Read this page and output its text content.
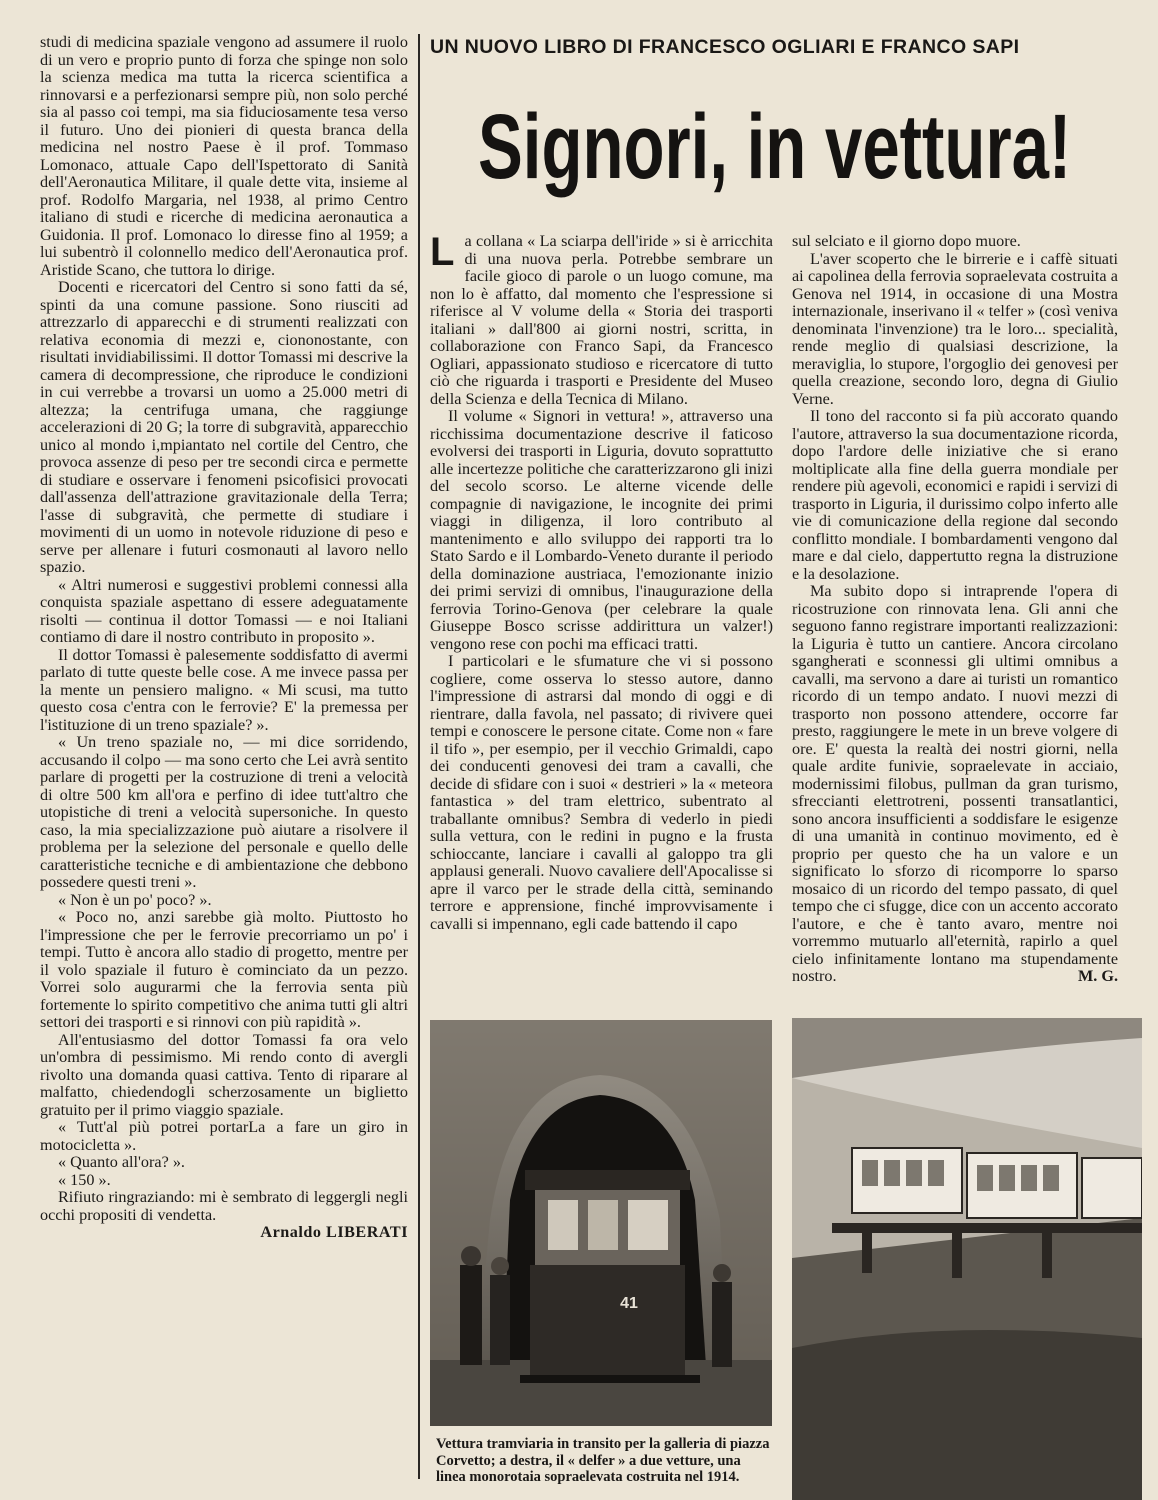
studi di medicina spaziale vengono ad assumere il ruolo di un vero e proprio punto di forza che spinge non solo la scienza medica ma tutta la ricerca scientifica a rinnovarsi e a perfezionarsi sempre più, non solo perché sia al passo coi tempi, ma sia fiduciosamente tesa verso il futuro. Uno dei pionieri di questa branca della medicina nel nostro Paese è il prof. Tommaso Lomonaco, attuale Capo dell'Ispettorato di Sanità dell'Aeronautica Militare, il quale dette vita, insieme al prof. Rodolfo Margaria, nel 1938, al primo Centro italiano di studi e ricerche di medicina aeronautica a Guidonia. Il prof. Lomonaco lo diresse fino al 1959; a lui subentrò il colonnello medico dell'Aeronautica prof. Aristide Scano, che tuttora lo dirige.

Docenti e ricercatori del Centro si sono fatti da sé, spinti da una comune passione. Sono riusciti ad attrezzarlo di apparecchi e di strumenti realizzati con relativa economia di mezzi e, ciononostante, con risultati invidiabilissimi. Il dottor Tomassi mi descrive la camera di decompressione, che riproduce le condizioni in cui verrebbe a trovarsi un uomo a 25.000 metri di altezza; la centrifuga umana, che raggiunge accelerazioni di 20 G; la torre di subgravità, apparecchio unico al mondo i,mpiantato nel cortile del Centro, che provoca assenze di peso per tre secondi circa e permette di studiare e osservare i fenomeni psicofisici provocati dall'assenza dell'attrazione gravitazionale della Terra; l'asse di subgravità, che permette di studiare i movimenti di un uomo in notevole riduzione di peso e serve per allenare i futuri cosmonauti al lavoro nello spazio.

« Altri numerosi e suggestivi problemi connessi alla conquista spaziale aspettano di essere adeguatamente risolti — continua il dottor Tomassi — e noi Italiani contiamo di dare il nostro contributo in proposito ».

Il dottor Tomassi è palesemente soddisfatto di avermi parlato di tutte queste belle cose. A me invece passa per la mente un pensiero maligno. « Mi scusi, ma tutto questo cosa c'entra con le ferrovie? E' la premessa per l'istituzione di un treno spaziale? ».

« Un treno spaziale no, — mi dice sorridendo, accusando il colpo — ma sono certo che Lei avrà sentito parlare di progetti per la costruzione di treni a velocità di oltre 500 km all'ora e perfino di idee tutt'altro che utopistiche di treni a velocità supersoniche. In questo caso, la mia specializzazione può aiutare a risolvere il problema per la selezione del personale e quello delle caratteristiche tecniche e di ambientazione che debbono possedere questi treni ».

« Non è un po' poco? ».

« Poco no, anzi sarebbe già molto. Piuttosto ho l'impressione che per le ferrovie precorriamo un po' i tempi. Tutto è ancora allo stadio di progetto, mentre per il volo spaziale il futuro è cominciato da un pezzo. Vorrei solo augurarmi che la ferrovia senta più fortemente lo spirito competitivo che anima tutti gli altri settori dei trasporti e si rinnovi con più rapidità ».

All'entusiasmo del dottor Tomassi fa ora velo un'ombra di pessimismo. Mi rendo conto di avergli rivolto una domanda quasi cattiva. Tento di riparare al malfatto, chiedendogli scherzosamente un biglietto gratuito per il primo viaggio spaziale.

« Tutt'al più potrei portarLa a fare un giro in motocicletta ».

« Quanto all'ora? ».

« 150 ».

Rifiuto ringraziando: mi è sembrato di leggergli negli occhi propositi di vendetta.

Arnaldo LIBERATI

UN NUOVO LIBRO DI FRANCESCO OGLIARI E FRANCO SAPI
Signori, in vettura!

La collana « La sciarpa dell'iride » si è arricchita di una nuova perla. Potrebbe sembrare un facile gioco di parole o un luogo comune, ma non lo è affatto, dal momento che l'espressione si riferisce al V volume della « Storia dei trasporti italiani » dall'800 ai giorni nostri, scritta, in collaborazione con Franco Sapi, da Francesco Ogliari, appassionato studioso e ricercatore di tutto ciò che riguarda i trasporti e Presidente del Museo della Scienza e della Tecnica di Milano.

Il volume « Signori in vettura! », attraverso una ricchissima documentazione descrive il faticoso evolversi dei trasporti in Liguria, dovuto soprattutto alle incertezze politiche che caratterizzarono gli inizi del secolo scorso. Le alterne vicende delle compagnie di navigazione, le incognite dei primi viaggi in diligenza, il loro contributo al mantenimento e allo sviluppo dei rapporti tra lo Stato Sardo e il Lombardo-Veneto durante il periodo della dominazione austriaca, l'emozionante inizio dei primi servizi di omnibus, l'inaugurazione della ferrovia Torino-Genova (per celebrare la quale Giuseppe Bosco scrisse addirittura un valzer!) vengono rese con pochi ma efficaci tratti.

I particolari e le sfumature che vi si possono cogliere, come osserva lo stesso autore, danno l'impressione di astrarsi dal mondo di oggi e di rientrare, dalla favola, nel passato; di rivivere quei tempi e conoscere le persone citate. Come non « fare il tifo », per esempio, per il vecchio Grimaldi, capo dei conducenti genovesi dei tram a cavalli, che decide di sfidare con i suoi « destrieri » la « meteora fantastica » del tram elettrico, subentrato al traballante omnibus? Sembra di vederlo in piedi sulla vettura, con le redini in pugno e la frusta schioccante, lanciare i cavalli al galoppo tra gli applausi generali. Nuovo cavaliere dell'Apocalisse si apre il varco per le strade della città, seminando terrore e apprensione, finché improvvisamente i cavalli si impennano, egli cade battendo il capo

sul selciato e il giorno dopo muore.

L'aver scoperto che le birrerie e i caffè situati ai capolinea della ferrovia sopraelevata costruita a Genova nel 1914, in occasione di una Mostra internazionale, inserivano il « telfer » (così veniva denominata l'invenzione) tra le loro... specialità, rende meglio di qualsiasi descrizione, la meraviglia, lo stupore, l'orgoglio dei genovesi per quella creazione, secondo loro, degna di Giulio Verne.

Il tono del racconto si fa più accorato quando l'autore, attraverso la sua documentazione ricorda, dopo l'ardore delle iniziative che si erano moltiplicate alla fine della guerra mondiale per rendere più agevoli, economici e rapidi i servizi di trasporto in Liguria, il durissimo colpo inferto alle vie di comunicazione della regione dal secondo conflitto mondiale. I bombardamenti vengono dal mare e dal cielo, dappertutto regna la distruzione e la desolazione.

Ma subito dopo si intraprende l'opera di ricostruzione con rinnovata lena. Gli anni che seguono fanno registrare importanti realizzazioni: la Liguria è tutto un cantiere. Ancora circolano sgangherati e sconnessi gli ultimi omnibus a cavalli, ma servono a dare ai turisti un romantico ricordo di un tempo andato. I nuovi mezzi di trasporto non possono attendere, occorre far presto, raggiungere le mete in un breve volgere di ore. E' questa la realtà dei nostri giorni, nella quale ardite funivie, sopraelevate in acciaio, modernissimi filobus, pullman da gran turismo, sfreccianti elettrotreni, possenti transatlantici, sono ancora insufficienti a soddisfare le esigenze di una umanità in continuo movimento, ed è proprio per questo che ha un valore e un significato lo sforzo di ricomporre lo sparso mosaico di un ricordo del tempo passato, di quel tempo che ci sfugge, dice con un accento accorato l'autore, e che è tanto avaro, mentre noi vorremmo mutuarlo all'eternità, rapirlo a quel cielo infinitamente lontano ma stupendamente nostro.	M. G.

41
Vettura tramviaria in transito per la galleria di piazza Corvetto; a destra, il « delfer » a due vetture, una linea monorotaia sopraelevata costruita nel 1914.
